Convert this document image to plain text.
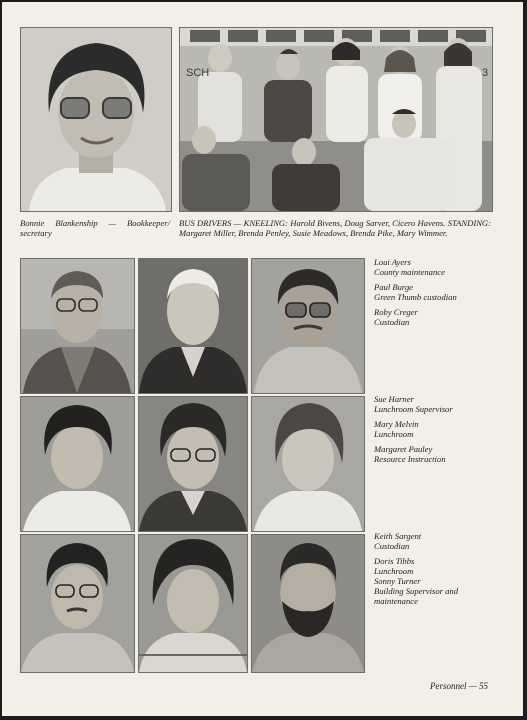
SCH	3

Bonnie Blankenship — Bookkeeper/ secretary

BUS DRIVERS — KNEELING: Harold Bivens, Doug Sarver, Cicero Havens. STANDING: Margaret Miller, Brenda Penley, Susie Meadows, Brenda Pike, Mary Wimmer.

Loui Ayers
County maintenance
Paul Burge
Green Thumb custodian
Roby Creger
Custodian
Sue Harner
Lunchroom Supervisor
Mary Melvin
Lunchroom
Margaret Pauley
Resource Instruction
Keith Sargent
Custodian
Doris Tibbs
Lunchroom
Sonny Turner
Building Supervisor and maintenance
Personnel — 55
